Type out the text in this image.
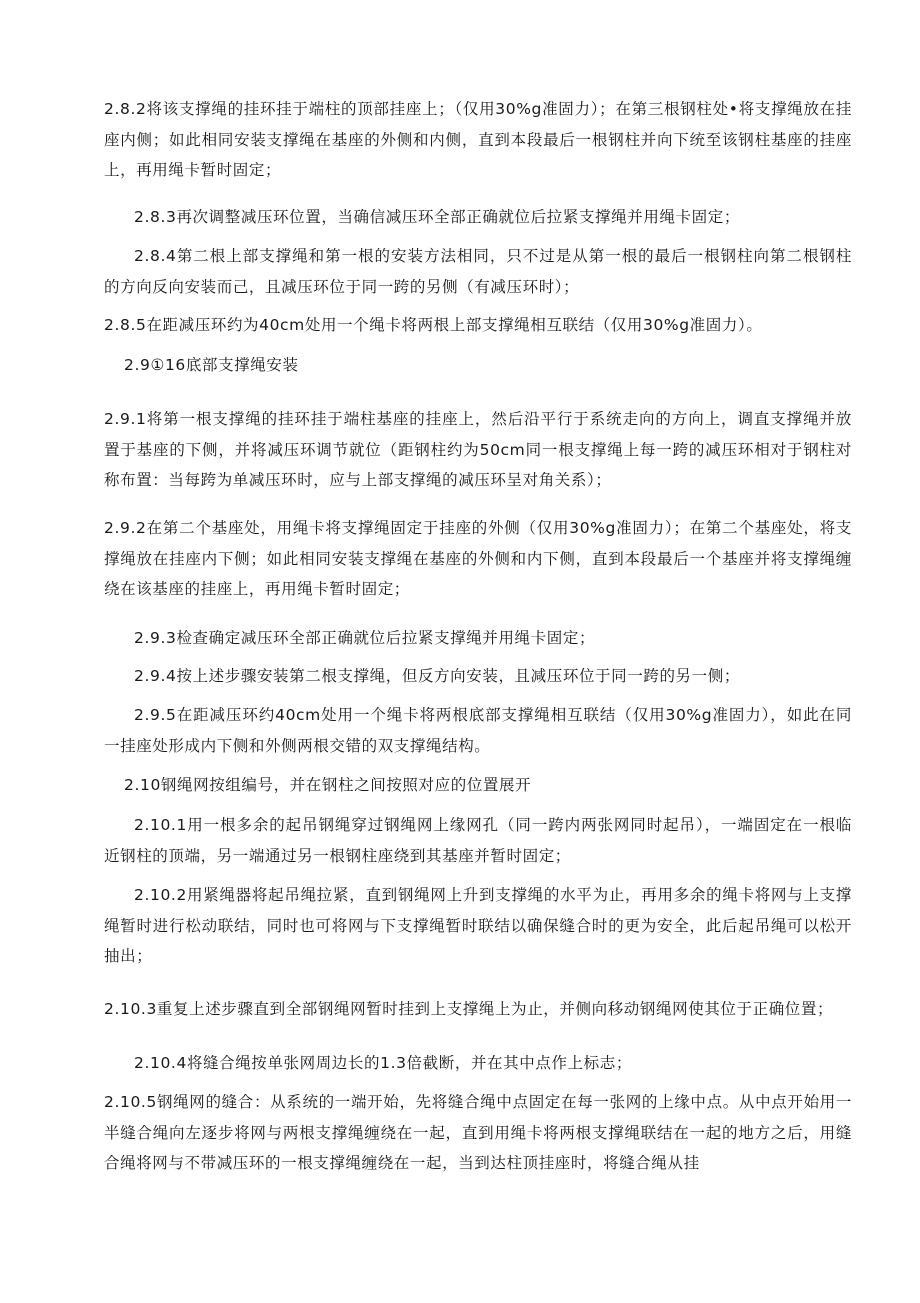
2.8.2将该支撑绳的挂环挂于端柱的顶部挂座上；（仅用30%g准固力）；在第三根钢柱处•将支撑绳放在挂座内侧；如此相同安装支撑绳在基座的外侧和内侧，直到本段最后一根钢柱并向下统至该钢柱基座的挂座上，再用绳卡暂时固定；

2.8.3再次调整减压环位置，当确信减压环全部正确就位后拉紧支撑绳并用绳卡固定；

2.8.4第二根上部支撑绳和第一根的安装方法相同，只不过是从第一根的最后一根钢柱向第二根钢柱的方向反向安装而己，且减压环位于同一跨的另侧（有减压环时）；

2.8.5在距减压环约为40cm处用一个绳卡将两根上部支撑绳相互联结（仅用30%g准固力）。

2.9①16底部支撑绳安装

2.9.1将第一根支撑绳的挂环挂于端柱基座的挂座上，然后沿平行于系统走向的方向上，调直支撑绳并放置于基座的下侧，并将减压环调节就位（距钢柱约为50cm同一根支撑绳上每一跨的减压环相对于钢柱对称布置：当每跨为单减压环时，应与上部支撑绳的减压环呈对角关系）；

2.9.2在第二个基座处，用绳卡将支撑绳固定于挂座的外侧（仅用30%g准固力）；在第二个基座处，将支撑绳放在挂座内下侧；如此相同安装支撑绳在基座的外侧和内下侧，直到本段最后一个基座并将支撑绳缠绕在该基座的挂座上，再用绳卡暂时固定；

2.9.3检查确定减压环全部正确就位后拉紧支撑绳并用绳卡固定；

2.9.4按上述步骤安装第二根支撑绳，但反方向安装，且减压环位于同一跨的另一侧；

2.9.5在距减压环约40cm处用一个绳卡将两根底部支撑绳相互联结（仅用30%g准固力），如此在同一挂座处形成内下侧和外侧两根交错的双支撑绳结构。

2.10钢绳网按组编号，并在钢柱之间按照对应的位置展开

2.10.1用一根多余的起吊钢绳穿过钢绳网上缘网孔（同一跨内两张网同时起吊），一端固定在一根临近钢柱的顶端，另一端通过另一根钢柱座绕到其基座并暂时固定；

2.10.2用紧绳器将起吊绳拉紧，直到钢绳网上升到支撑绳的水平为止，再用多余的绳卡将网与上支撑绳暂时进行松动联结，同时也可将网与下支撑绳暂时联结以确保缝合时的更为安全，此后起吊绳可以松开抽出；

2.10.3重复上述步骤直到全部钢绳网暂时挂到上支撑绳上为止，并侧向移动钢绳网使其位于正确位置；

2.10.4将缝合绳按单张网周边长的1.3倍截断，并在其中点作上标志；

2.10.5钢绳网的缝合：从系统的一端开始，先将缝合绳中点固定在每一张网的上缘中点。从中点开始用一半缝合绳向左逐步将网与两根支撑绳缠绕在一起，直到用绳卡将两根支撑绳联结在一起的地方之后，用缝合绳将网与不带减压环的一根支撑绳缠绕在一起，当到达柱顶挂座时，将缝合绳从挂
